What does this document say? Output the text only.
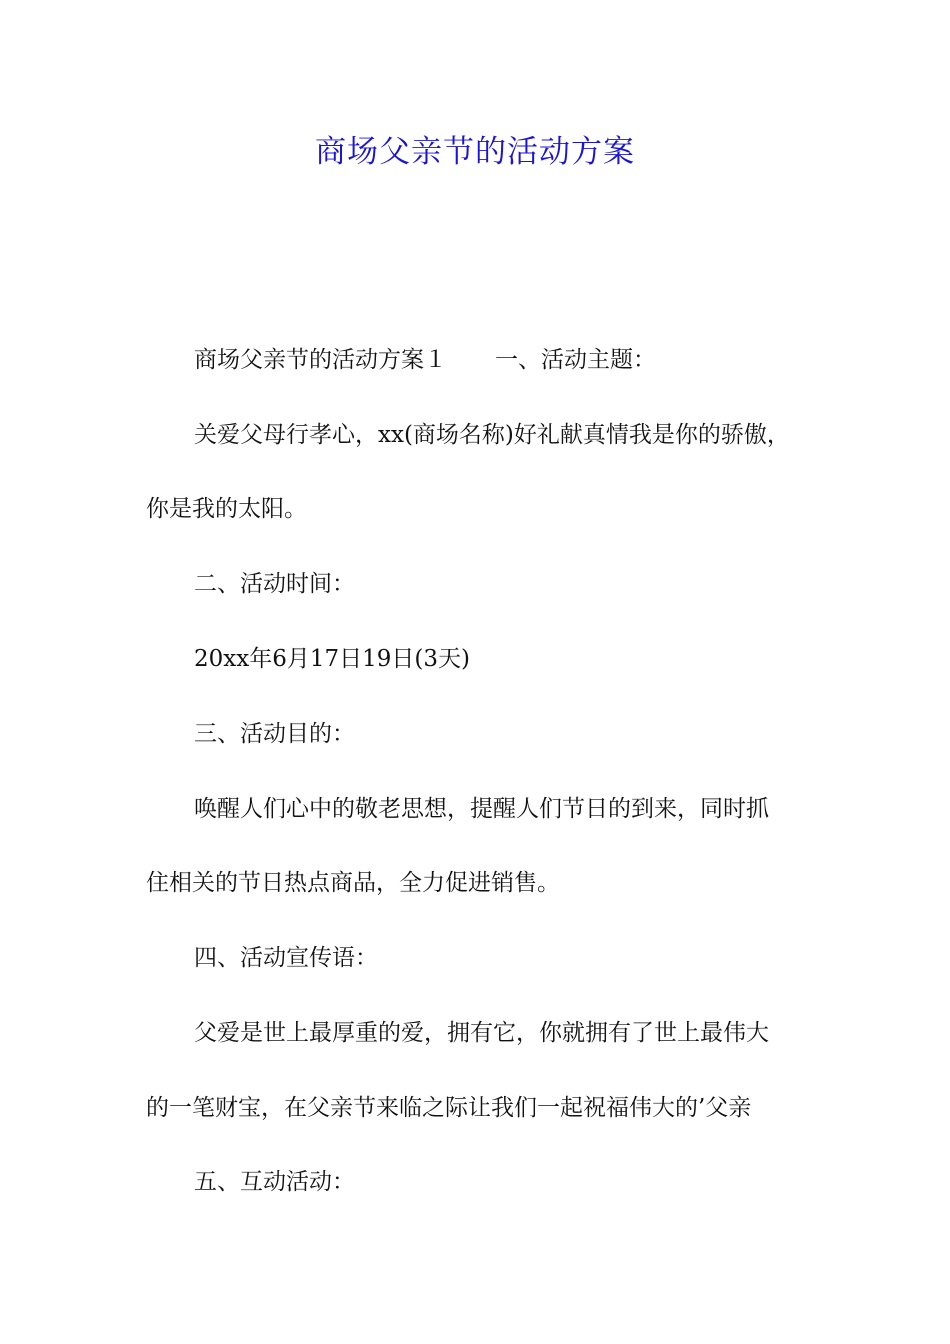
商场父亲节的活动方案
商场父亲节的活动方案１ 一、活动主题：
关爱父母行孝心，xx(商场名称)好礼献真情我是你的骄傲，
你是我的太阳。
二、活动时间：
20xx年6月17日19日(3天)
三、活动目的：
唤醒人们心中的敬老思想，提醒人们节日的到来，同时抓
住相关的节日热点商品，全力促进销售。
四、活动宣传语：
父爱是世上最厚重的爱，拥有它，你就拥有了世上最伟大
的一笔财宝，在父亲节来临之际让我们一起祝福伟大的’父亲
五、互动活动：
